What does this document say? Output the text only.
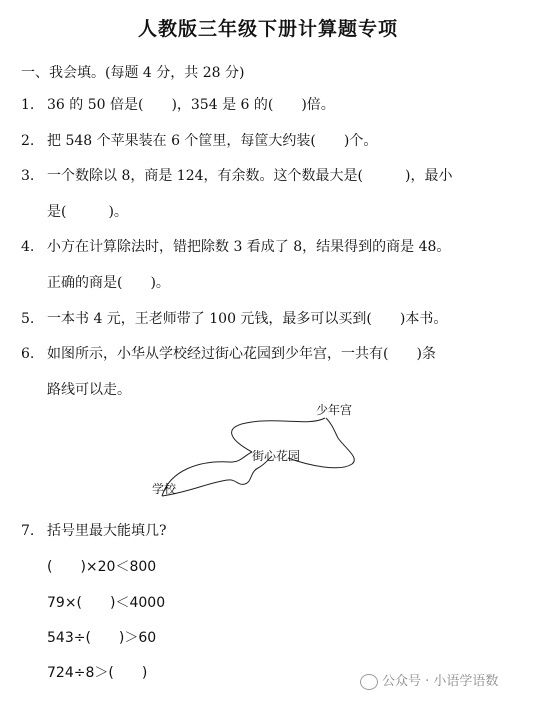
人教版三年级下册计算题专项
一、我会填。(每题 4 分，共 28 分)
1. 36 的 50 倍是(　　)，354 是 6 的(　　)倍。
2. 把 548 个苹果装在 6 个筐里，每筐大约装(　　)个。
3. 一个数除以 8，商是 124，有余数。这个数最大是(　　　)，最小
是(　　　)。
4. 小方在计算除法时，错把除数 3 看成了 8，结果得到的商是 48。
正确的商是(　　)。
5. 一本书 4 元，王老师带了 100 元钱，最多可以买到(　　)本书。
6. 如图所示，小华从学校经过街心花园到少年宫，一共有(　　)条
路线可以走。
少年宫
街心花园
学校
7. 括号里最大能填几?
(　　)×20＜800
79×(　　)＜4000
543÷(　　)＞60
724÷8＞(　　)
公众号 · 小语学语数
